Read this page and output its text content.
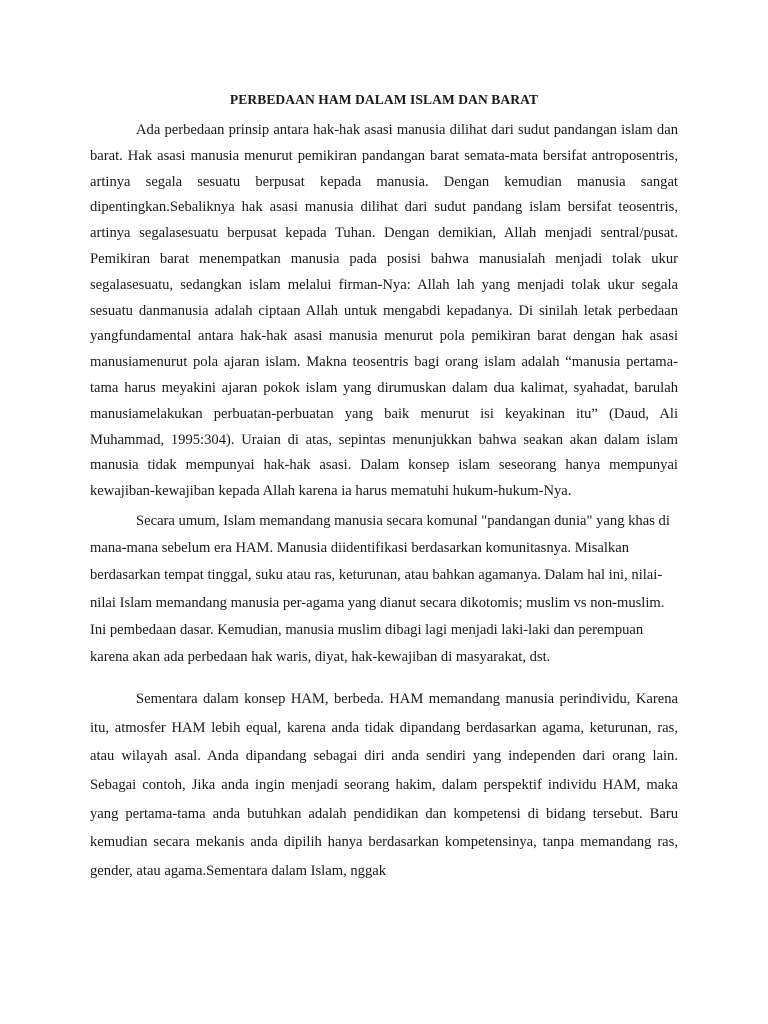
PERBEDAAN HAM DALAM ISLAM DAN BARAT

Ada perbedaan prinsip antara hak-hak asasi manusia dilihat dari sudut pandangan islam dan barat. Hak asasi manusia menurut pemikiran pandangan barat semata-mata bersifat antroposentris, artinya segala sesuatu berpusat kepada manusia. Dengan kemudian manusia sangat dipentingkan.Sebaliknya hak asasi manusia dilihat dari sudut pandang islam bersifat teosentris, artinya segalasesuatu berpusat kepada Tuhan. Dengan demikian, Allah menjadi sentral/pusat. Pemikiran barat menempatkan manusia pada posisi bahwa manusialah menjadi tolak ukur segalasesuatu, sedangkan islam melalui firman-Nya: Allah lah yang menjadi tolak ukur segala sesuatu danmanusia adalah ciptaan Allah untuk mengabdi kepadanya. Di sinilah letak perbedaan yangfundamental antara hak-hak asasi manusia menurut pola pemikiran barat dengan hak asasi manusiamenurut pola ajaran islam. Makna teosentris bagi orang islam adalah “manusia pertama-tama harus meyakini ajaran pokok islam yang dirumuskan dalam dua kalimat, syahadat, barulah manusiamelakukan perbuatan-perbuatan yang baik menurut isi keyakinan itu” (Daud, Ali Muhammad, 1995:304). Uraian di atas, sepintas menunjukkan bahwa seakan akan dalam islam manusia tidak mempunyai hak-hak asasi. Dalam konsep islam seseorang hanya mempunyai kewajiban-kewajiban kepada Allah karena ia harus mematuhi hukum-hukum-Nya.

Secara umum, Islam memandang manusia secara komunal "pandangan dunia" yang khas di mana-mana sebelum era HAM. Manusia diidentifikasi berdasarkan komunitasnya. Misalkan berdasarkan tempat tinggal, suku atau ras, keturunan, atau bahkan agamanya. Dalam hal ini, nilai-nilai Islam memandang manusia per-agama yang dianut secara dikotomis; muslim vs non-muslim. Ini pembedaan dasar. Kemudian, manusia muslim dibagi lagi menjadi laki-laki dan perempuan karena akan ada perbedaan hak waris, diyat, hak-kewajiban di masyarakat, dst.

Sementara dalam konsep HAM, berbeda. HAM memandang manusia perindividu, Karena itu, atmosfer HAM lebih equal, karena anda tidak dipandang berdasarkan agama, keturunan, ras, atau wilayah asal. Anda dipandang sebagai diri anda sendiri yang independen dari orang lain. Sebagai contoh, Jika anda ingin menjadi seorang hakim, dalam perspektif individu HAM, maka yang pertama-tama anda butuhkan adalah pendidikan dan kompetensi di bidang tersebut. Baru kemudian secara mekanis anda dipilih hanya berdasarkan kompetensinya, tanpa memandang ras, gender, atau agama.Sementara dalam Islam, nggak
